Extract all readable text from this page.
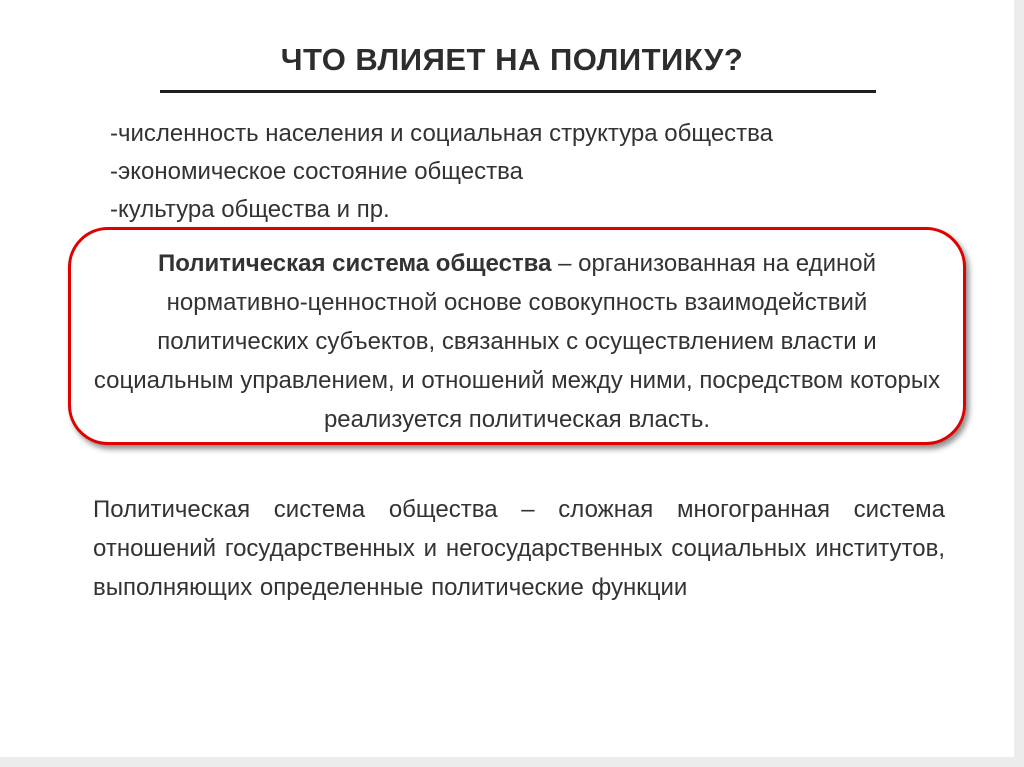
ЧТО ВЛИЯЕТ НА ПОЛИТИКУ?
-численность населения и социальная структура общества
-экономическое состояние общества
-культура общества и пр.
Политическая система общества – организованная на единой нормативно-ценностной основе совокупность взаимодействий политических субъектов, связанных с осуществлением власти и социальным управлением, и отношений между ними, посредством которых реализуется политическая власть.
Политическая система общества – сложная многогранная система отношений государственных и негосударственных социальных институтов, выполняющих определенные политические функции
